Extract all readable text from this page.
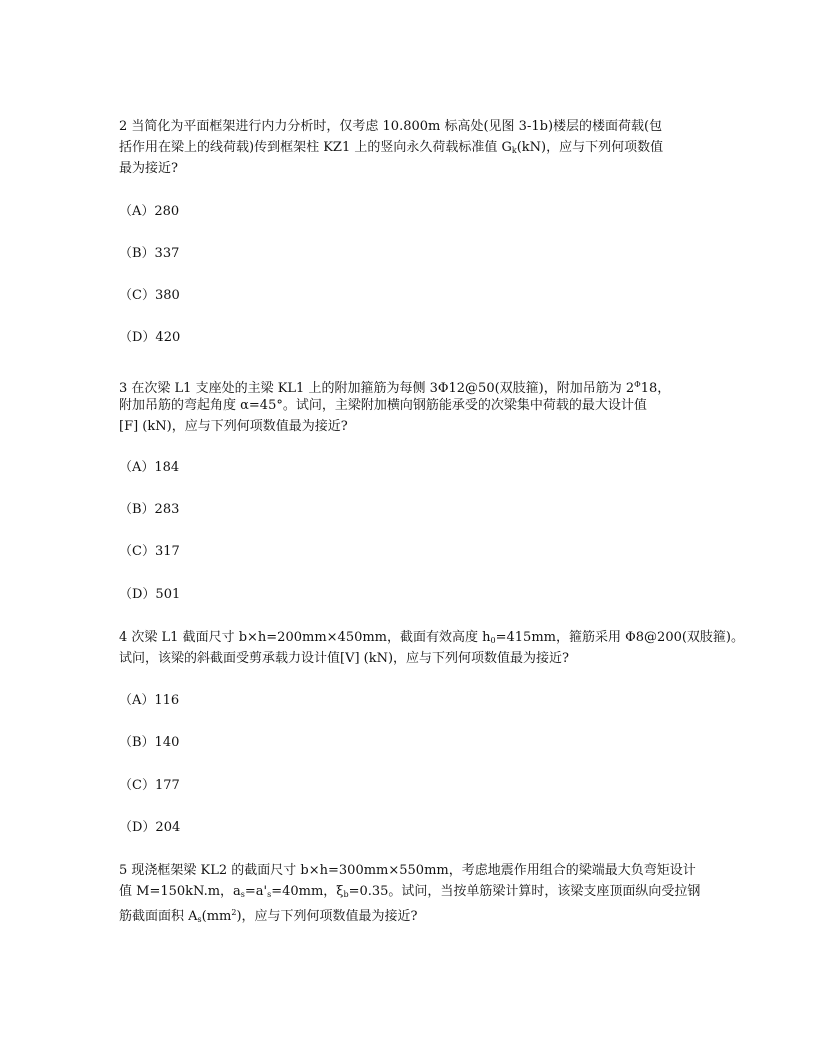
2 当简化为平面框架进行内力分析时，仅考虑 10.800m 标高处(见图 3-1b)楼层的楼面荷载(包
括作用在梁上的线荷载)传到框架柱 KZ1 上的竖向永久荷载标准值 $G_k(kN)$，应与下列何项数值
最为接近?
（A）280
（B）337
（C）380
（D）420
3 在次梁 L1 支座处的主梁 KL1 上的附加箍筋为每侧 3Φ12@50(双肢箍)，附加吊筋为 $2^\Phi 18$，
附加吊筋的弯起角度 α=45°。试问，主梁附加横向钢筋能承受的次梁集中荷载的最大设计值
[F] (kN)，应与下列何项数值最为接近?
（A）184
（B）283
（C）317
（D）501
4 次梁 L1 截面尺寸 b×h=200mm×450mm，截面有效高度 $h_0=415mm$，箍筋采用 Φ8@200(双肢箍)。
试问，该梁的斜截面受剪承载力设计值[V] (kN)，应与下列何项数值最为接近?
（A）116
（B）140
（C）177
（D）204
5 现浇框架梁 KL2 的截面尺寸 b×h=300mm×550mm，考虑地震作用组合的梁端最大负弯矩设计
值 M=150kN.m，$a_s=a'_s=40mm$，$\xi_b=0.35$。试问，当按单筋梁计算时，该梁支座顶面纵向受拉钢
筋截面面积 $A_s(mm^2)$，应与下列何项数值最为接近?
